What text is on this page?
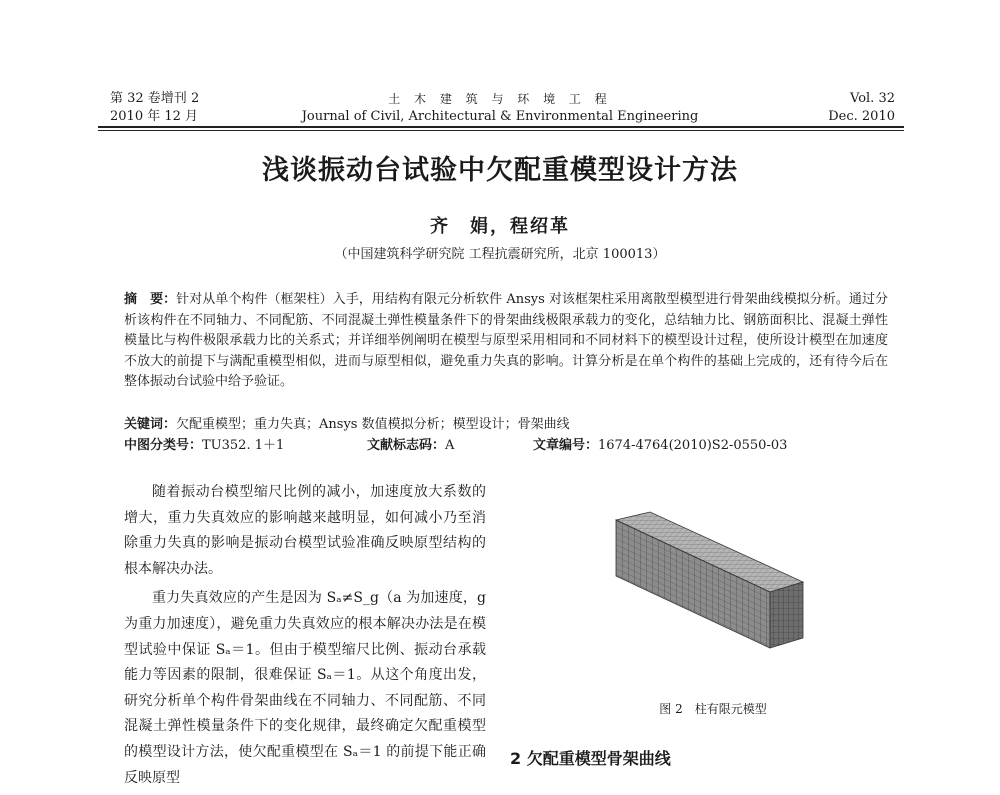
第 32 卷增刊 2
2010 年 12 月
土 木 建 筑 与 环 境 工 程
Journal of Civil, Architectural & Environmental Engineering
Vol. 32
Dec. 2010
浅谈振动台试验中欠配重模型设计方法
齐　娟，程绍革
（中国建筑科学研究院 工程抗震研究所，北京 100013）
摘　要：针对从单个构件（框架柱）入手，用结构有限元分析软件 Ansys 对该框架柱采用离散型模型进行骨架曲线模拟分析。通过分析该构件在不同轴力、不同配筋、不同混凝土弹性模量条件下的骨架曲线极限承载力的变化，总结轴力比、钢筋面积比、混凝土弹性模量比与构件极限承载力比的关系式；并详细举例阐明在模型与原型采用相同和不同材料下的模型设计过程，使所设计模型在加速度不放大的前提下与满配重模型相似，进而与原型相似，避免重力失真的影响。计算分析是在单个构件的基础上完成的，还有待今后在整体振动台试验中给予验证。
关键词：欠配重模型；重力失真；Ansys 数值模拟分析；模型设计；骨架曲线
中图分类号：TU352. 1＋1	文献标志码：A	文章编号：1674-4764(2010)S2-0550-03

随着振动台模型缩尺比例的减小，加速度放大系数的增大，重力失真效应的影响越来越明显，如何减小乃至消除重力失真的影响是振动台模型试验准确反映原型结构的根本解决办法。

重力失真效应的产生是因为 Sₐ≠S_g（a 为加速度，g 为重力加速度），避免重力失真效应的根本解决办法是在模型试验中保证 Sₐ＝1。但由于模型缩尺比例、振动台承载能力等因素的限制，很难保证 Sₐ＝1。从这个角度出发，研究分析单个构件骨架曲线在不同轴力、不同配筋、不同混凝土弹性模量条件下的变化规律，最终确定欠配重模型的模型设计方法，使欠配重模型在 Sₐ＝1 的前提下能正确反映原型

图 2　柱有限元模型
2 欠配重模型骨架曲线
